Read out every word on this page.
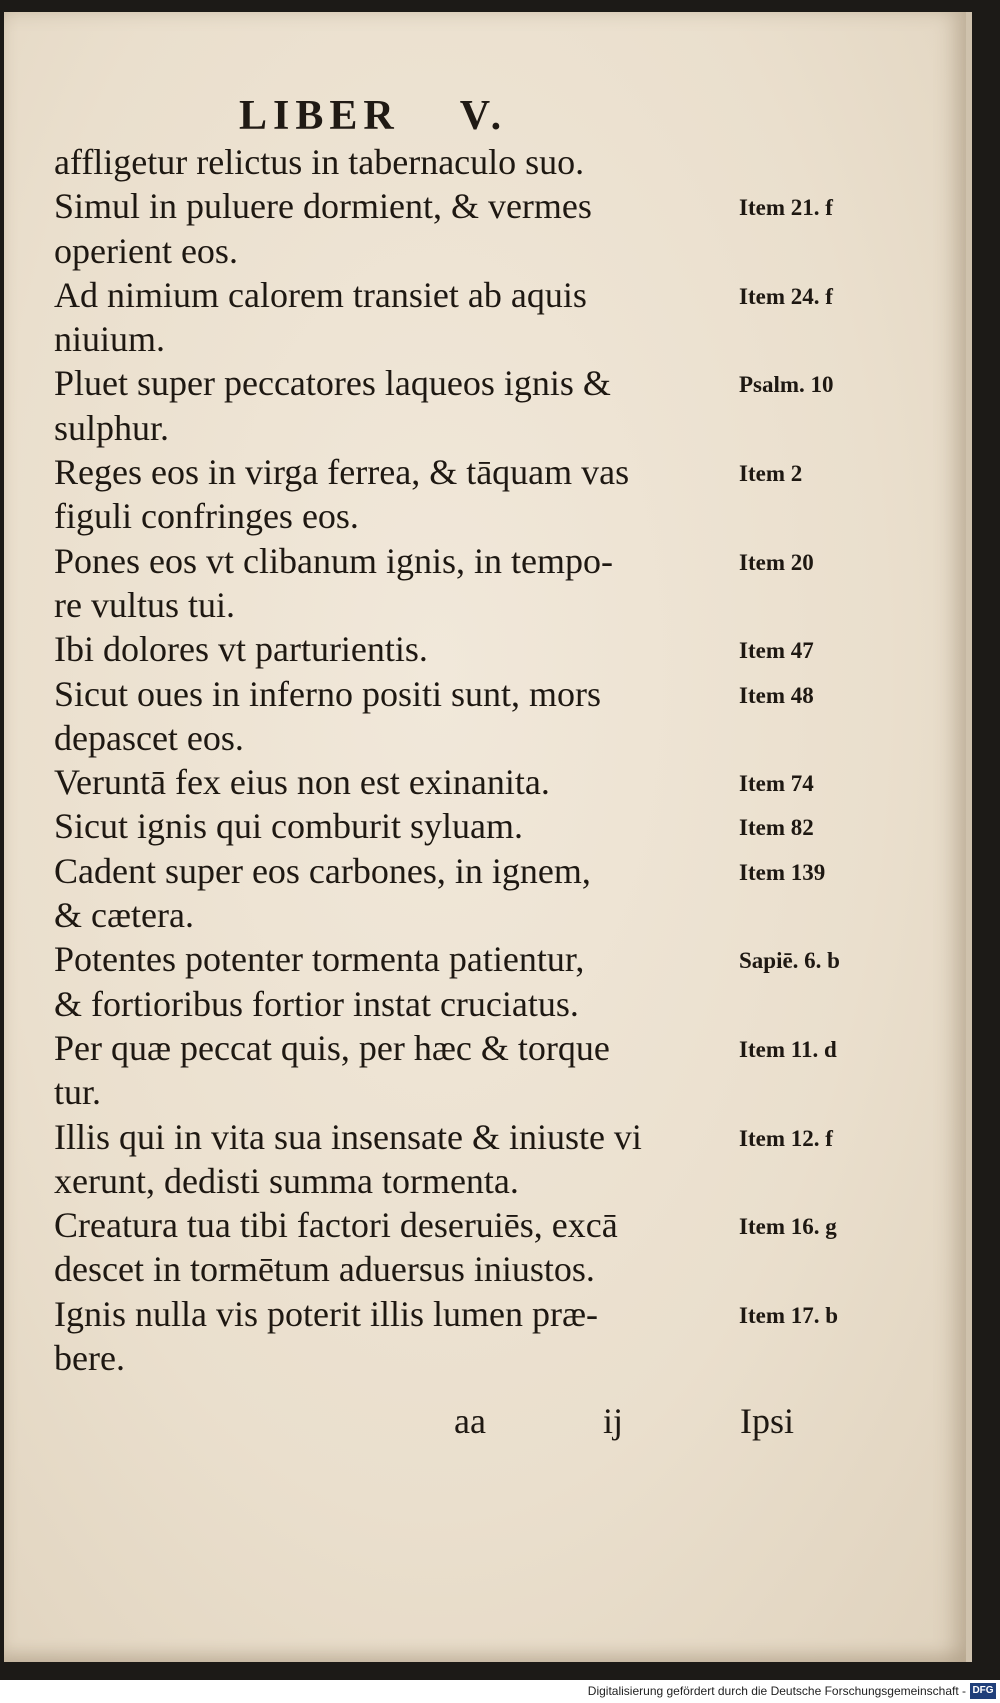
LIBER V.
affligetur relictus in tabernaculo suo.
Simul in puluere dormient, & vermes	Item 21. f
operient eos.
Ad nimium calorem transiet ab aquis	Item 24. f
niuium.
Pluet super peccatores laqueos ignis &	Psalm. 10
sulphur.
Reges eos in virga ferrea, & tāquam vas	Item 2
figuli confringes eos.
Pones eos vt clibanum ignis, in tempo-	Item 20
re vultus tui.
Ibi dolores vt parturientis.	Item 47
Sicut oues in inferno positi sunt, mors	Item 48
depascet eos.
Veruntā fex eius non est exinanita.	Item 74
Sicut ignis qui comburit syluam.	Item 82
Cadent super eos carbones, in ignem,	Item 139
& cætera.
Potentes potenter tormenta patientur,	Sapiē. 6. b
& fortioribus fortior instat cruciatus.
Per quæ peccat quis, per hæc & torque	Item 11. d
tur.
Illis qui in vita sua insensate & iniuste vi	Item 12. f
xerunt, dedisti summa tormenta.
Creatura tua tibi factori deseruiēs, excā	Item 16. g
descet in tormētum aduersus iniustos.
Ignis nulla vis poterit illis lumen præ-	Item 17. b
bere.
aa	ij	Ipsi
Digitalisierung gefördert durch die Deutsche Forschungsgemeinschaft - DFG
